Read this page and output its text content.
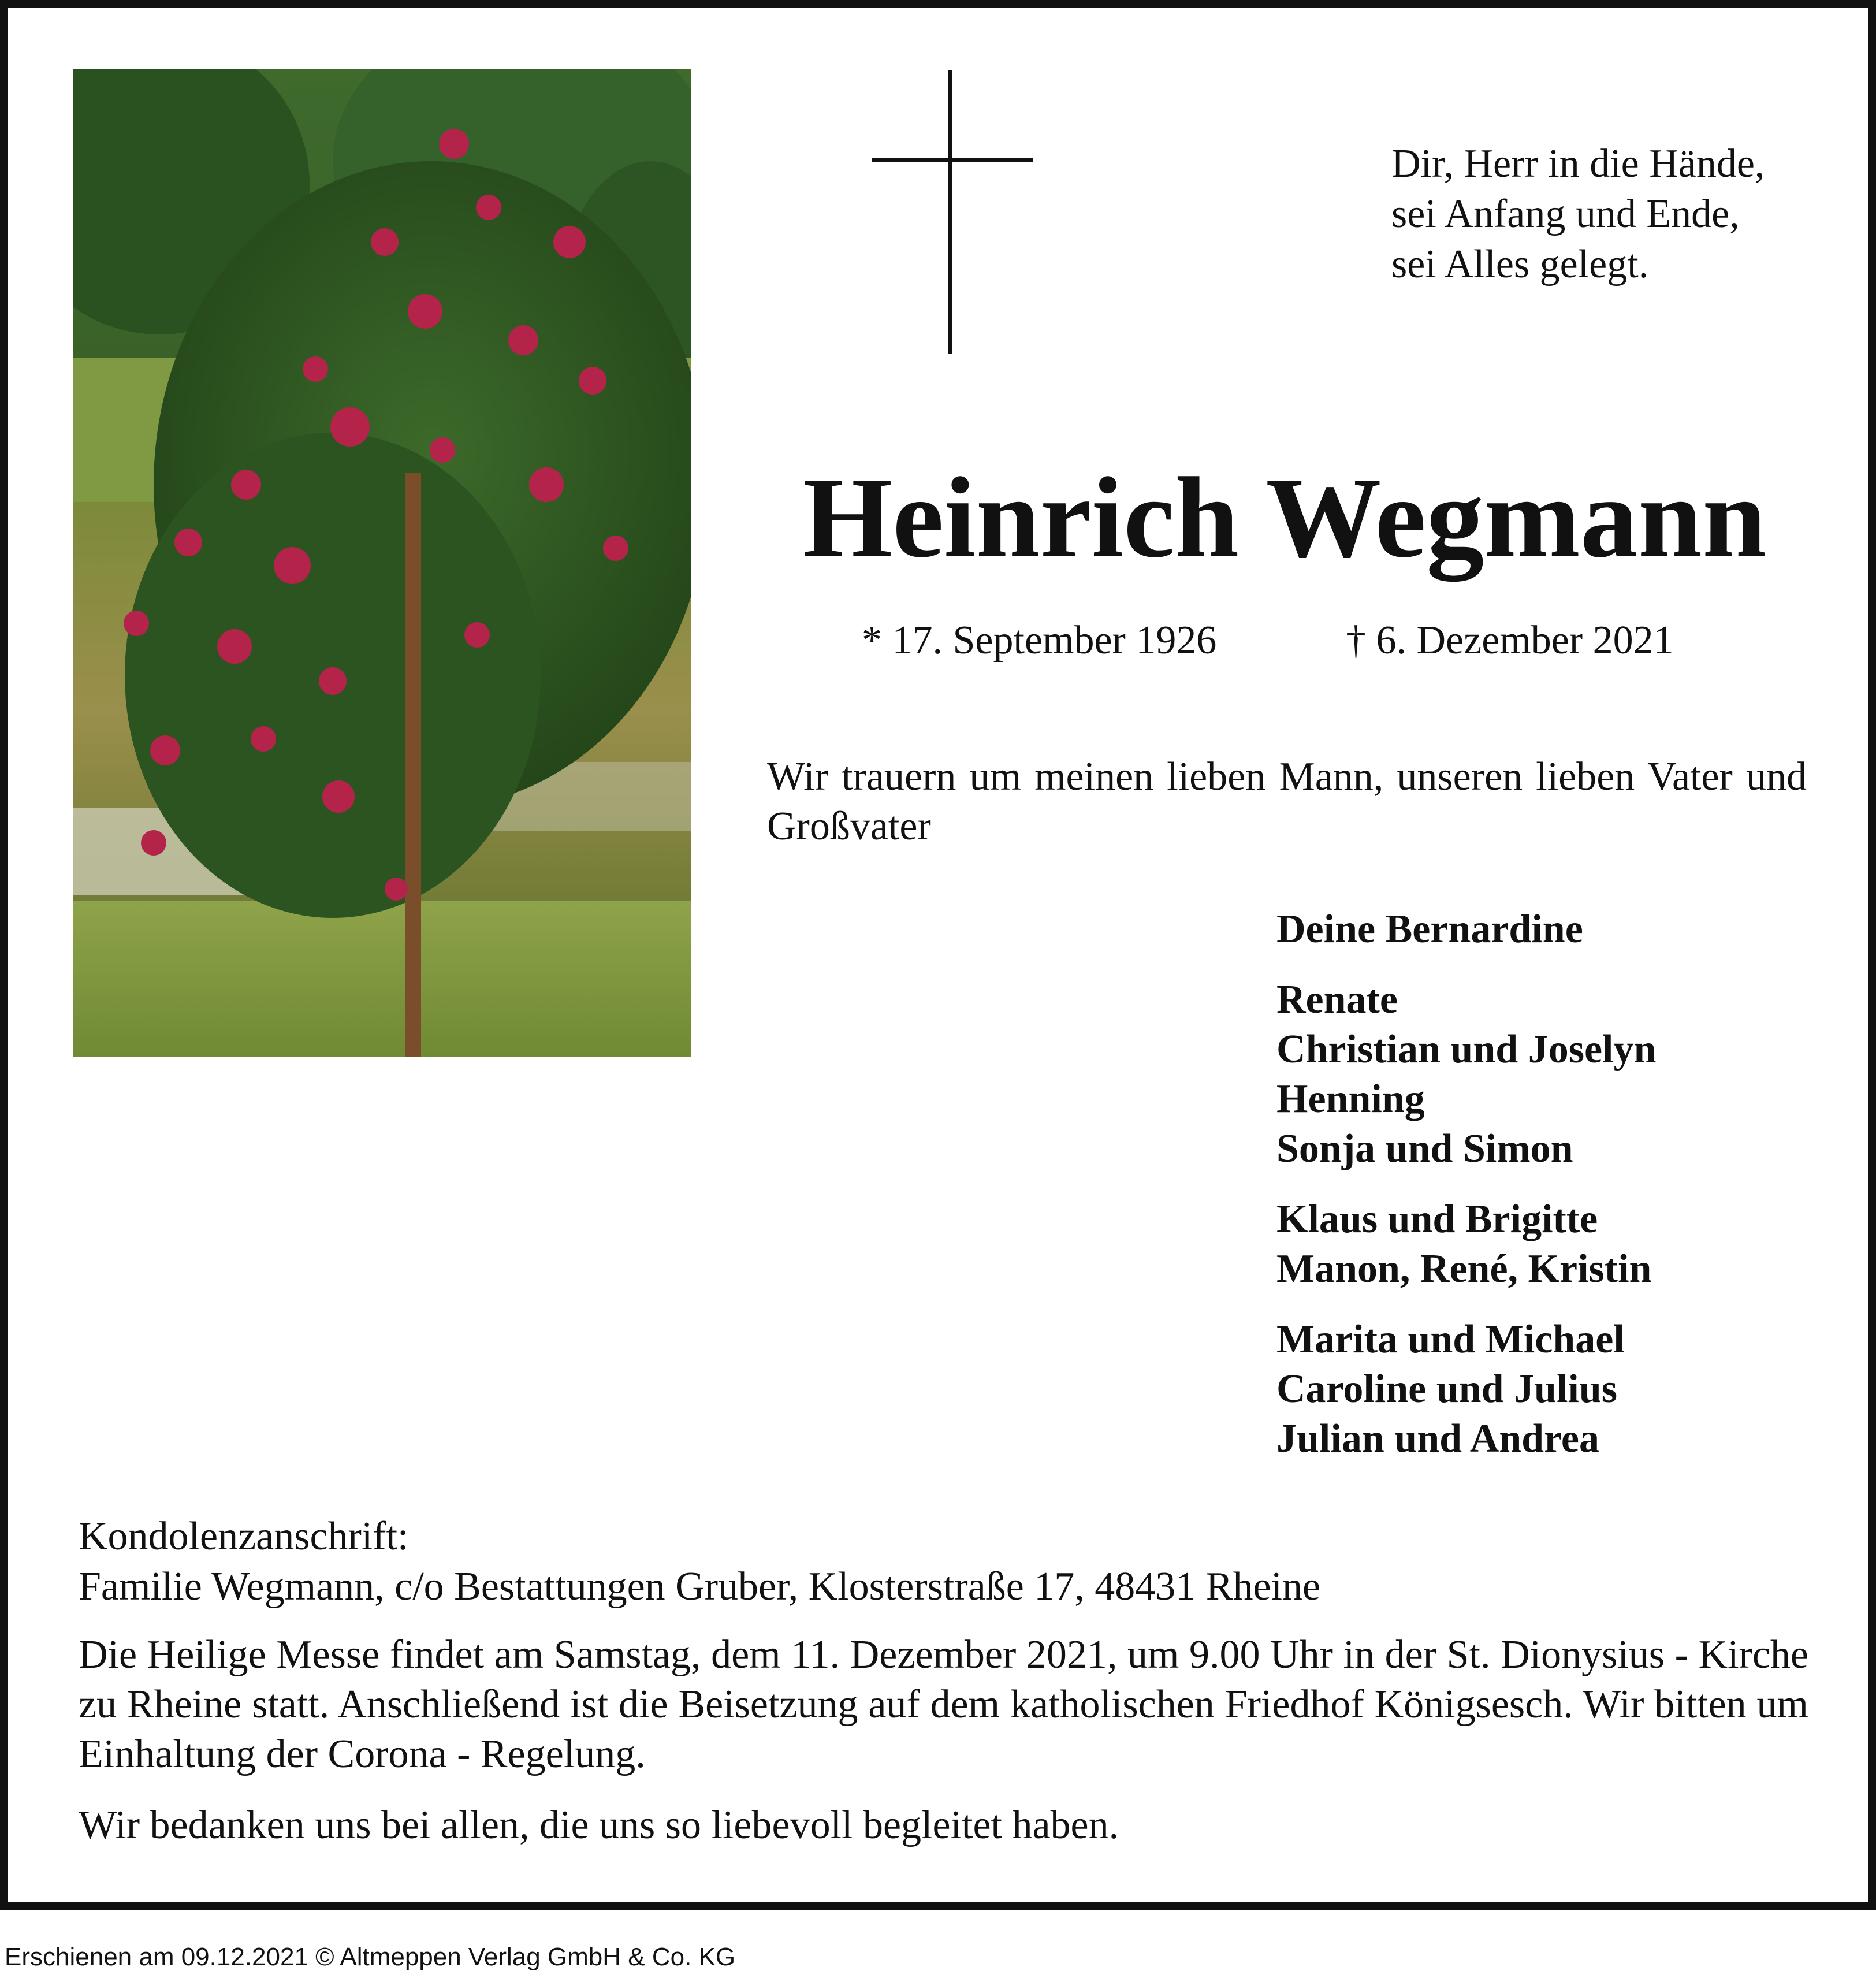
Dir, Herr in die Hände,
sei Anfang und Ende,
sei Alles gelegt.
Heinrich Wegmann
* 17. September 1926	† 6. Dezember 2021
Wir trauern um meinen lieben Mann, unseren lieben Vater und Großvater
Deine Bernardine
Renate
Christian und Joselyn
Henning
Sonja und Simon
Klaus und Brigitte
Manon, René, Kristin
Marita und Michael
Caroline und Julius
Julian und Andrea
Kondolenzanschrift:
Familie Wegmann, c/o Bestattungen Gruber, Klosterstraße 17, 48431 Rheine
Die Heilige Messe findet am Samstag, dem 11. Dezember 2021, um 9.00 Uhr in der St. Dionysius - Kirche zu Rheine statt. Anschließend ist die Beisetzung auf dem katholischen Friedhof Königsesch. Wir bitten um Einhaltung der Corona - Regelung.
Wir bedanken uns bei allen, die uns so liebevoll begleitet haben.
Erschienen am 09.12.2021 © Altmeppen Verlag GmbH & Co. KG
